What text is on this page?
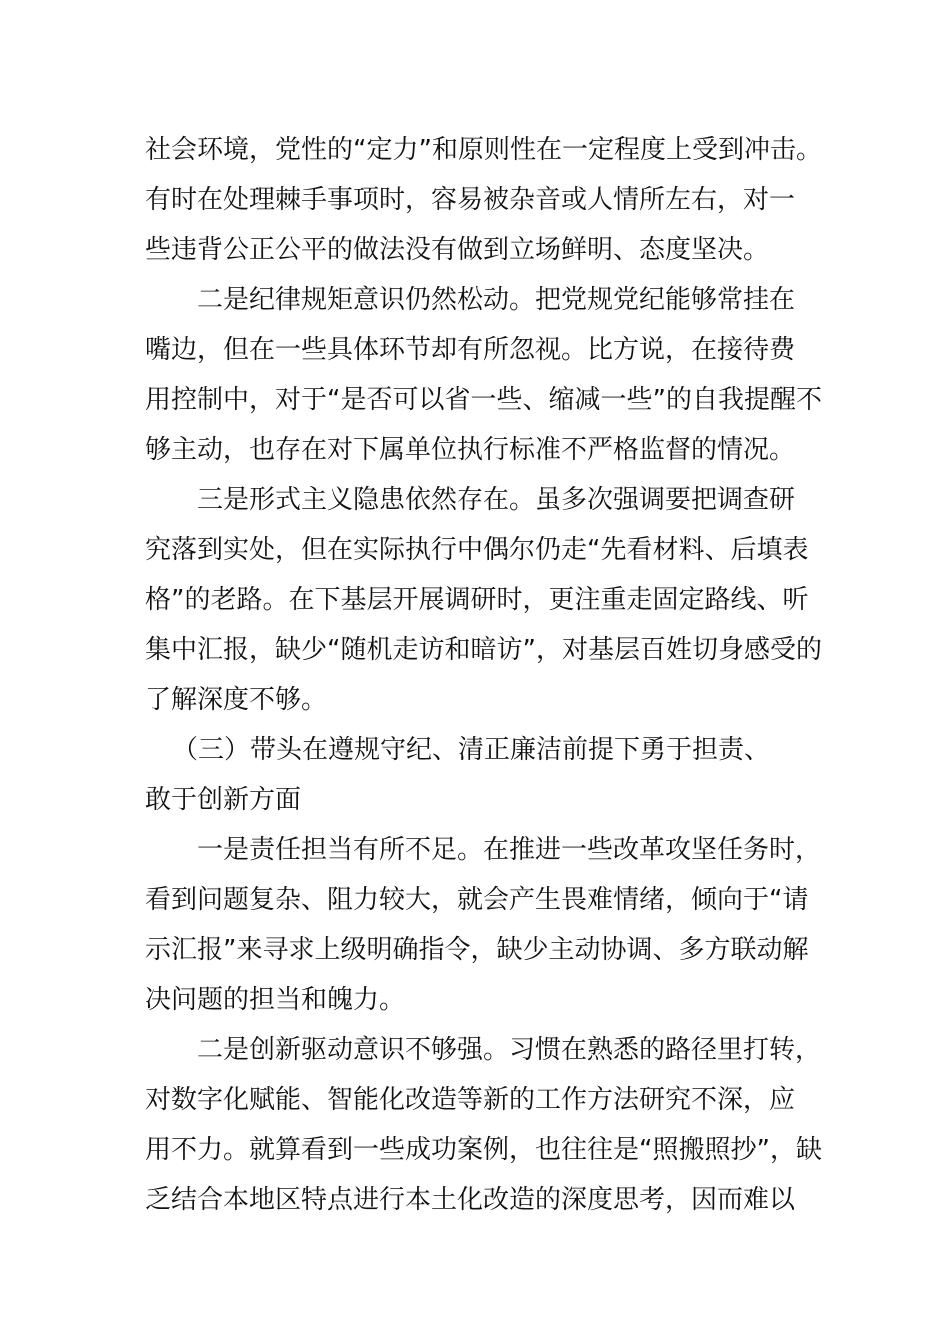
社会环境，党性的“定力”和原则性在一定程度上受到冲击。
有时在处理棘手事项时，容易被杂音或人情所左右，对一
些违背公正公平的做法没有做到立场鲜明、态度坚决。
二是纪律规矩意识仍然松动。把党规党纪能够常挂在
嘴边，但在一些具体环节却有所忽视。比方说，在接待费
用控制中，对于“是否可以省一些、缩减一些”的自我提醒不
够主动，也存在对下属单位执行标准不严格监督的情况。
三是形式主义隐患依然存在。虽多次强调要把调查研
究落到实处，但在实际执行中偶尔仍走“先看材料、后填表
格”的老路。在下基层开展调研时，更注重走固定路线、听
集中汇报，缺少“随机走访和暗访”，对基层百姓切身感受的
了解深度不够。
（三）带头在遵规守纪、清正廉洁前提下勇于担责、
敢于创新方面
一是责任担当有所不足。在推进一些改革攻坚任务时，
看到问题复杂、阻力较大，就会产生畏难情绪，倾向于“请
示汇报”来寻求上级明确指令，缺少主动协调、多方联动解
决问题的担当和魄力。
二是创新驱动意识不够强。习惯在熟悉的路径里打转，
对数字化赋能、智能化改造等新的工作方法研究不深，应
用不力。就算看到一些成功案例，也往往是“照搬照抄”，缺
乏结合本地区特点进行本土化改造的深度思考，因而难以
